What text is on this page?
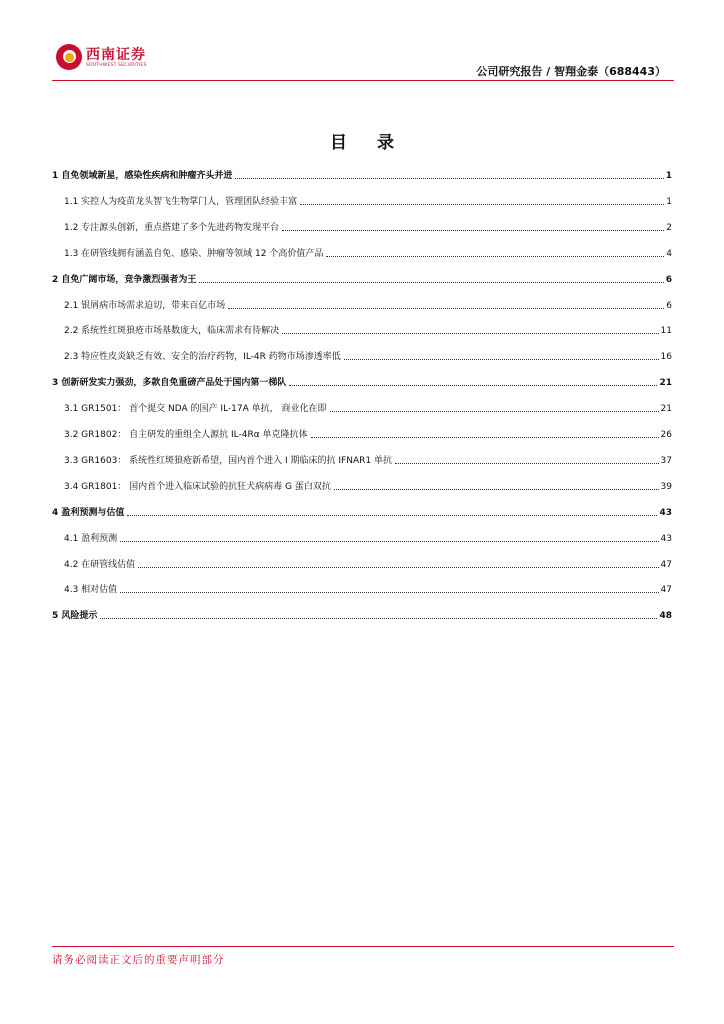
西南证券
SOUTHWEST SECURITIES	公司研究报告 / 智翔金泰（688443）
目 录
1 自免领域新星，感染性疾病和肿瘤齐头并进	1
1.1 实控人为疫苗龙头智飞生物掌门人，管理团队经验丰富	1
1.2 专注源头创新，重点搭建了多个先进药物发现平台	2
1.3 在研管线拥有涵盖自免、感染、肿瘤等领域 12 个高价值产品	4
2 自免广阔市场，竞争激烈强者为王	6
2.1 银屑病市场需求迫切，带来百亿市场	6
2.2 系统性红斑狼疮市场基数庞大，临床需求有待解决	11
2.3 特应性皮炎缺乏有效、安全的治疗药物，IL-4R 药物市场渗透率低	16
3 创新研发实力强劲，多款自免重磅产品处于国内第一梯队	21
3.1 GR1501： 首个提交 NDA 的国产 IL-17A 单抗， 商业化在即	21
3.2 GR1802： 自主研发的重组全人源抗 IL-4Rα 单克隆抗体	26
3.3 GR1603： 系统性红斑狼疮新希望，国内首个进入 I 期临床的抗 IFNAR1 单抗	37
3.4 GR1801： 国内首个进入临床试验的抗狂犬病病毒 G 蛋白双抗	39
4 盈利预测与估值	43
4.1 盈利预测	43
4.2 在研管线估值	47
4.3 相对估值	47
5 风险提示	48
请务必阅读正文后的重要声明部分
